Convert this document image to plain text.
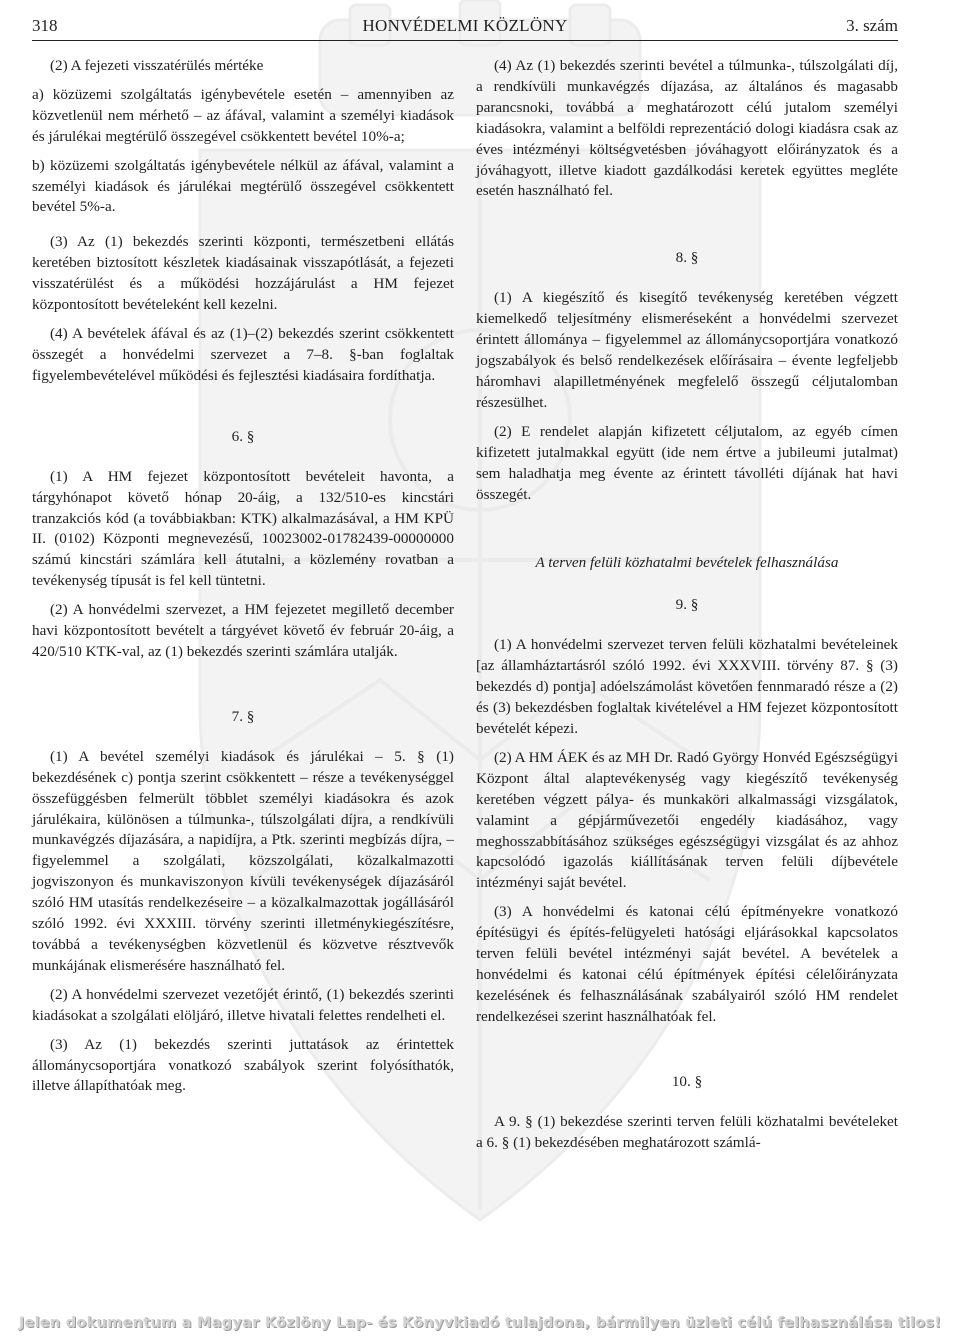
318	HONVÉDELMI KÖZLÖNY	3. szám

(2) A fejezeti visszatérülés mértéke

a) közüzemi szolgáltatás igénybevétele esetén – amennyiben az közvetlenül nem mérhető – az áfával, valamint a személyi kiadások és járulékai megtérülő összegével csökkentett bevétel 10%-a;

b) közüzemi szolgáltatás igénybevétele nélkül az áfával, valamint a személyi kiadások és járulékai megtérülő összegével csökkentett bevétel 5%-a.

(3) Az (1) bekezdés szerinti központi, természetbeni ellátás keretében biztosított készletek kiadásainak visszapótlását, a fejezeti visszatérülést és a működési hozzájárulást a HM fejezet központosított bevételeként kell kezelni.

(4) A bevételek áfával és az (1)–(2) bekezdés szerint csökkentett összegét a honvédelmi szervezet a 7–8. §-ban foglaltak figyelembevételével működési és fejlesztési kiadásaira fordíthatja.

6. §

(1) A HM fejezet központosított bevételeit havonta, a tárgyhónapot követő hónap 20-áig, a 132/510-es kincstári tranzakciós kód (a továbbiakban: KTK) alkalmazásával, a HM KPÜ II. (0102) Központi megnevezésű, 10023002-01782439-00000000 számú kincstári számlára kell átutalni, a közlemény rovatban a tevékenység típusát is fel kell tüntetni.

(2) A honvédelmi szervezet, a HM fejezetet megillető december havi központosított bevételt a tárgyévet követő év február 20-áig, a 420/510 KTK-val, az (1) bekezdés szerinti számlára utalják.

7. §

(1) A bevétel személyi kiadások és járulékai – 5. § (1) bekezdésének c) pontja szerint csökkentett – része a tevékenységgel összefüggésben felmerült többlet személyi kiadásokra és azok járulékaira, különösen a túlmunka-, túlszolgálati díjra, a rendkívüli munkavégzés díjazására, a napidíjra, a Ptk. szerinti megbízás díjra, – figyelemmel a szolgálati, közszolgálati, közalkalmazotti jogviszonyon és munkaviszonyon kívüli tevékenységek díjazásáról szóló HM utasítás rendelkezéseire – a közalkalmazottak jogállásáról szóló 1992. évi XXXIII. törvény szerinti illetménykiegészítésre, továbbá a tevékenységben közvetlenül és közvetve résztvevők munkájának elismerésére használható fel.

(2) A honvédelmi szervezet vezetőjét érintő, (1) bekezdés szerinti kiadásokat a szolgálati elöljáró, illetve hivatali felettes rendelheti el.

(3) Az (1) bekezdés szerinti juttatások az érintettek állománycsoportjára vonatkozó szabályok szerint folyósíthatók, illetve állapíthatóak meg.

(4) Az (1) bekezdés szerinti bevétel a túlmunka-, túlszolgálati díj, a rendkívüli munkavégzés díjazása, az általános és magasabb parancsnoki, továbbá a meghatározott célú jutalom személyi kiadásokra, valamint a belföldi reprezentáció dologi kiadásra csak az éves intézményi költségvetésben jóváhagyott előirányzatok és a jóváhagyott, illetve kiadott gazdálkodási keretek együttes megléte esetén használható fel.

8. §

(1) A kiegészítő és kisegítő tevékenység keretében végzett kiemelkedő teljesítmény elismeréseként a honvédelmi szervezet érintett állománya – figyelemmel az állománycsoportjára vonatkozó jogszabályok és belső rendelkezések előírásaira – évente legfeljebb háromhavi alapilletményének megfelelő összegű céljutalomban részesülhet.

(2) E rendelet alapján kifizetett céljutalom, az egyéb címen kifizetett jutalmakkal együtt (ide nem értve a jubileumi jutalmat) sem haladhatja meg évente az érintett távolléti díjának hat havi összegét.

A terven felüli közhatalmi bevételek felhasználása
9. §

(1) A honvédelmi szervezet terven felüli közhatalmi bevételeinek [az államháztartásról szóló 1992. évi XXXVIII. törvény 87. § (3) bekezdés d) pontja] adóelszámolást követően fennmaradó része a (2) és (3) bekezdésben foglaltak kivételével a HM fejezet központosított bevételét képezi.

(2) A HM ÁEK és az MH Dr. Radó György Honvéd Egészségügyi Központ által alaptevékenység vagy kiegészítő tevékenység keretében végzett pálya- és munkaköri alkalmassági vizsgálatok, valamint a gépjárművezetői engedély kiadásához, vagy meghosszabbításához szükséges egészségügyi vizsgálat és az ahhoz kapcsolódó igazolás kiállításának terven felüli díjbevétele intézményi saját bevétel.

(3) A honvédelmi és katonai célú építményekre vonatkozó építésügyi és építés-felügyeleti hatósági eljárásokkal kapcsolatos terven felüli bevétel intézményi saját bevétel. A bevételek a honvédelmi és katonai célú építmények építési célelőirányzata kezelésének és felhasználásának szabályairól szóló HM rendelet rendelkezései szerint használhatóak fel.

10. §

A 9. § (1) bekezdése szerinti terven felüli közhatalmi bevételeket a 6. § (1) bekezdésében meghatározott számlá-

Jelen dokumentum a Magyar Közlöny Lap- és Könyvkiadó tulajdona, bármilyen üzleti célú felhasználása tilos!
